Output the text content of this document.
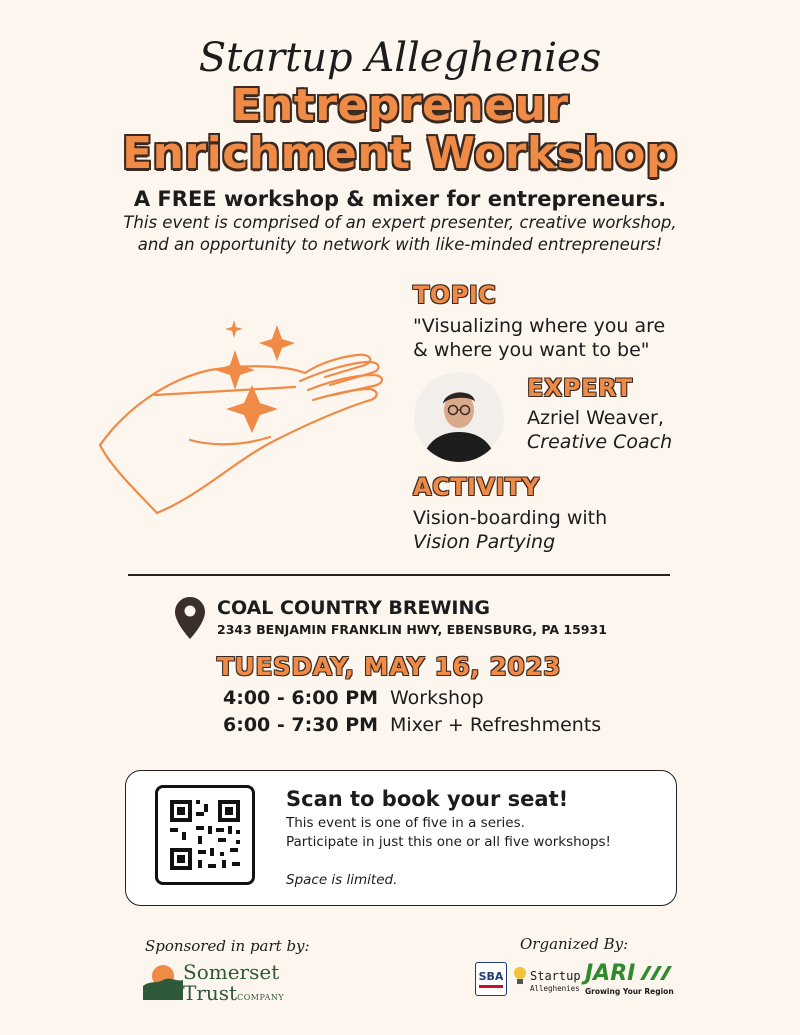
Startup Alleghenies
Entrepreneur
Enrichment Workshop
A FREE workshop & mixer for entrepreneurs.
This event is comprised of an expert presenter, creative workshop,
and an opportunity to network with like-minded entrepreneurs!
TOPIC
"Visualizing where you are
& where you want to be"
EXPERT
Azriel Weaver,
Creative Coach
ACTIVITY
Vision-boarding with
Vision Partying
COAL COUNTRY BREWING
2343 BENJAMIN FRANKLIN HWY, EBENSBURG, PA 15931
TUESDAY, MAY 16, 2023
4:00 - 6:00 PM Workshop
6:00 - 7:30 PM Mixer + Refreshments
Scan to book your seat!
This event is one of five in a series.
Participate in just this one or all five workshops!
Space is limited.
Sponsored in part by:
Somerset
TrustCOMPANY
Organized By:
SBA Startup
Alleghenies
JARI
Growing Your Region
